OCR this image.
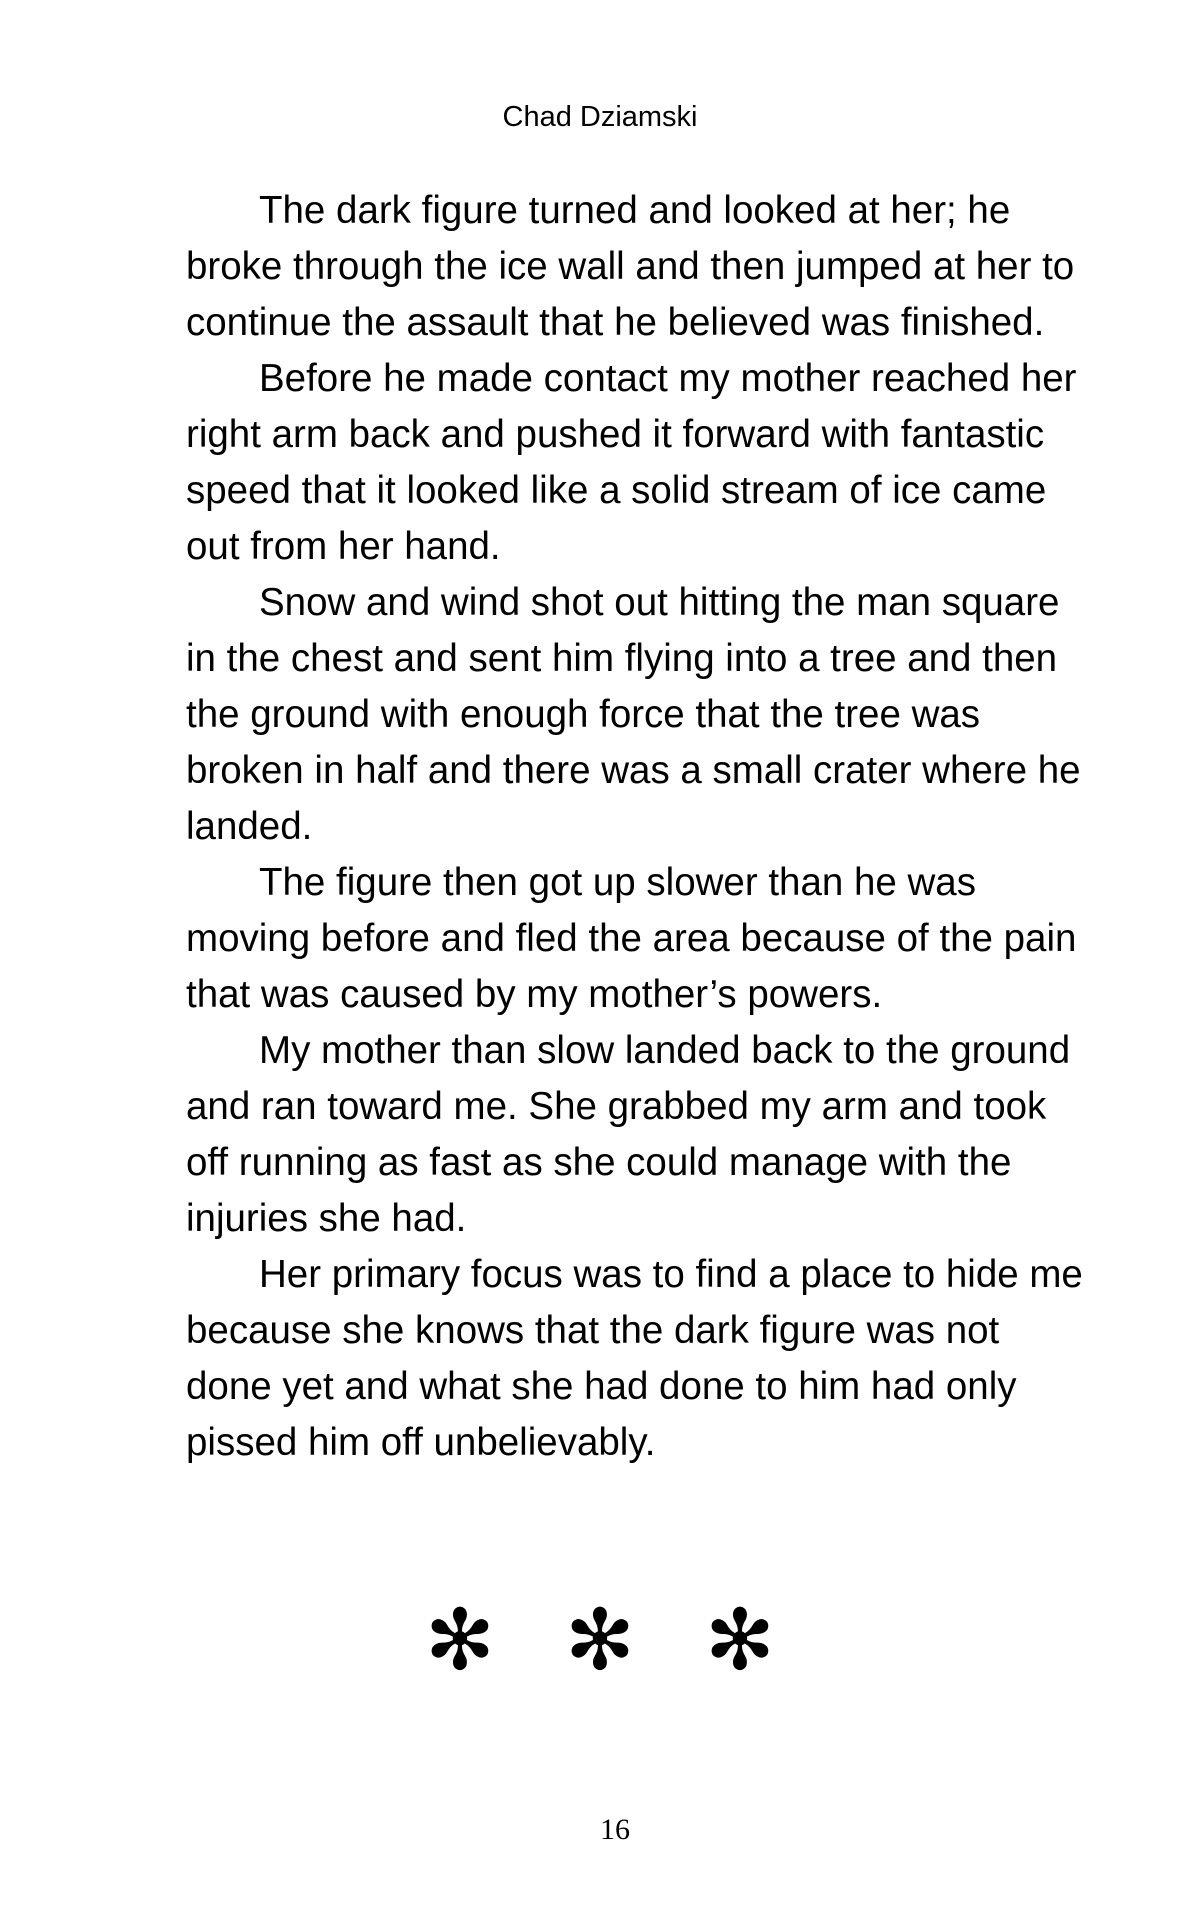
Chad Dziamski

The dark figure turned and looked at her; he broke through the ice wall and then jumped at her to continue the assault that he believed was finished.

Before he made contact my mother reached her right arm back and pushed it forward with fantastic speed that it looked like a solid stream of ice came out from her hand.

Snow and wind shot out hitting the man square in the chest and sent him flying into a tree and then the ground with enough force that the tree was broken in half and there was a small crater where he landed.

The figure then got up slower than he was moving before and fled the area because of the pain that was caused by my mother’s powers.

My mother than slow landed back to the ground and ran toward me. She grabbed my arm and took off running as fast as she could manage with the injuries she had.

Her primary focus was to find a place to hide me because she knows that the dark figure was not done yet and what she had done to him had only pissed him off unbelievably.

✻ ✻ ✻
16
